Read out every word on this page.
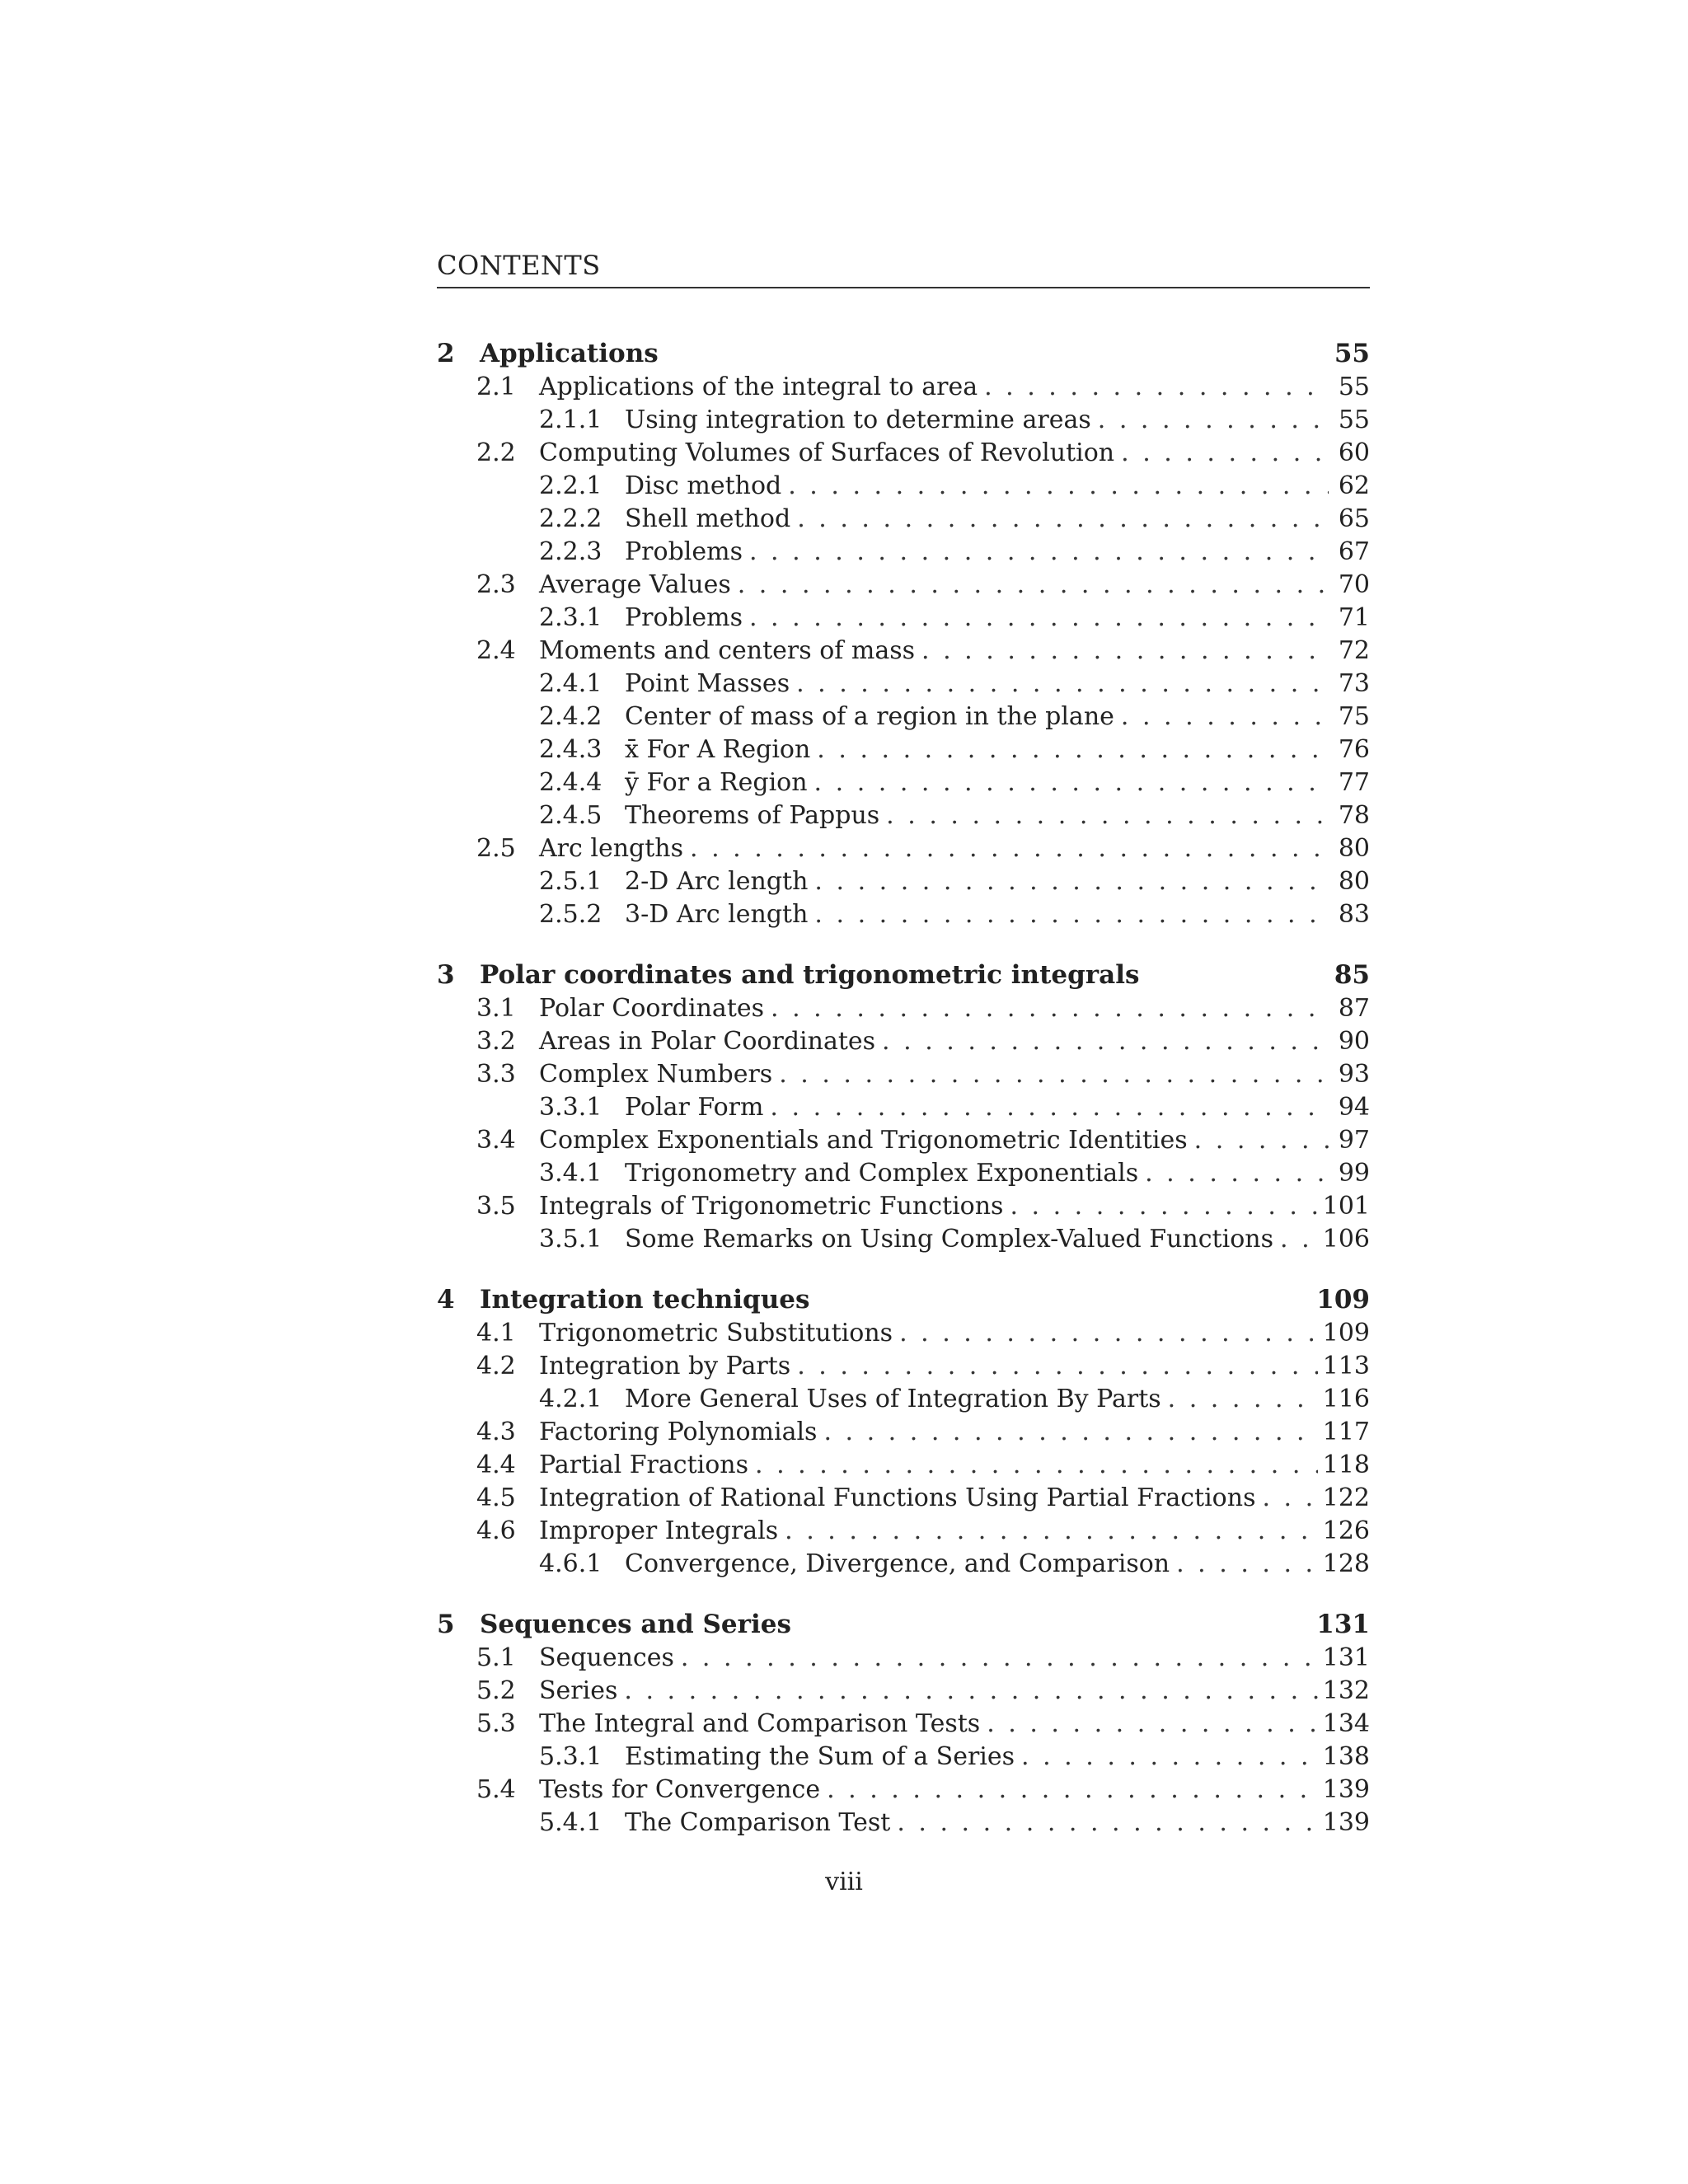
CONTENTS
2 Applications	55
2.1 Applications of the integral to area . . .	55
2.1.1 Using integration to determine areas . . .	55
2.2 Computing Volumes of Surfaces of Revolution . . .	60
2.2.1 Disc method . . .	62
2.2.2 Shell method . . .	65
2.2.3 Problems . . .	67
2.3 Average Values . . .	70
2.3.1 Problems . . .	71
2.4 Moments and centers of mass . . .	72
2.4.1 Point Masses . . .	73
2.4.2 Center of mass of a region in the plane . . .	75
2.4.3 x̄ For A Region . . .	76
2.4.4 ȳ For a Region . . .	77
2.4.5 Theorems of Pappus . . .	78
2.5 Arc lengths . . .	80
2.5.1 2-D Arc length . . .	80
2.5.2 3-D Arc length . . .	83
3 Polar coordinates and trigonometric integrals	85
3.1 Polar Coordinates . . .	87
3.2 Areas in Polar Coordinates . . .	90
3.3 Complex Numbers . . .	93
3.3.1 Polar Form . . .	94
3.4 Complex Exponentials and Trigonometric Identities . . .	97
3.4.1 Trigonometry and Complex Exponentials . . .	99
3.5 Integrals of Trigonometric Functions . . .	101
3.5.1 Some Remarks on Using Complex-Valued Functions . . . 106
4 Integration techniques	109
4.1 Trigonometric Substitutions . . .	109
4.2 Integration by Parts . . .	113
4.2.1 More General Uses of Integration By Parts . . .	116
4.3 Factoring Polynomials . . .	117
4.4 Partial Fractions . . .	118
4.5 Integration of Rational Functions Using Partial Fractions . . .	122
4.6 Improper Integrals . . .	126
4.6.1 Convergence, Divergence, and Comparison . . .	128
5 Sequences and Series	131
5.1 Sequences . . .	131
5.2 Series . . .	132
5.3 The Integral and Comparison Tests . . .	134
5.3.1 Estimating the Sum of a Series . . .	138
5.4 Tests for Convergence . . .	139
5.4.1 The Comparison Test . . .	139
viii
